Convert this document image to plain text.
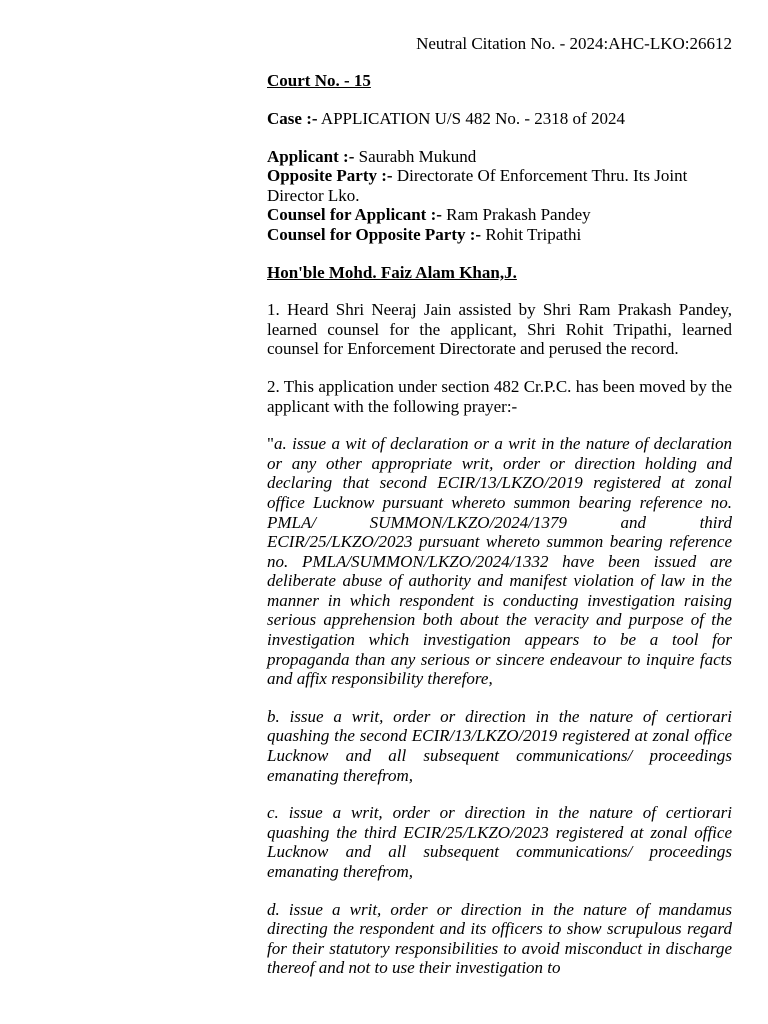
Neutral Citation No. - 2024:AHC-LKO:26612

Court No. - 15

Case :- APPLICATION U/S 482 No. - 2318 of 2024

Applicant :- Saurabh Mukund

Opposite Party :- Directorate Of Enforcement Thru. Its Joint Director Lko.

Counsel for Applicant :- Ram Prakash Pandey

Counsel for Opposite Party :- Rohit Tripathi

Hon'ble Mohd. Faiz Alam Khan,J.

1. Heard Shri Neeraj Jain assisted by Shri Ram Prakash Pandey, learned counsel for the applicant, Shri Rohit Tripathi, learned counsel for Enforcement Directorate and perused the record.

2. This application under section 482 Cr.P.C. has been moved by the applicant with the following prayer:-

"a. issue a wit of declaration or a writ in the nature of declaration or any other appropriate writ, order or direction holding and declaring that second ECIR/13/LKZO/2019 registered at zonal office Lucknow pursuant whereto summon bearing reference no. PMLA/ SUMMON/LKZO/2024/1379 and third ECIR/25/LKZO/2023 pursuant whereto summon bearing reference no. PMLA/SUMMON/LKZO/2024/1332 have been issued are deliberate abuse of authority and manifest violation of law in the manner in which respondent is conducting investigation raising serious apprehension both about the veracity and purpose of the investigation which investigation appears to be a tool for propaganda than any serious or sincere endeavour to inquire facts and affix responsibility therefore,

b. issue a writ, order or direction in the nature of certiorari quashing the second ECIR/13/LKZO/2019 registered at zonal office Lucknow and all subsequent communications/ proceedings emanating therefrom,

c. issue a writ, order or direction in the nature of certiorari quashing the third ECIR/25/LKZO/2023 registered at zonal office Lucknow and all subsequent communications/ proceedings emanating therefrom,

d. issue a writ, order or direction in the nature of mandamus directing the respondent and its officers to show scrupulous regard for their statutory responsibilities to avoid misconduct in discharge thereof and not to use their investigation to
